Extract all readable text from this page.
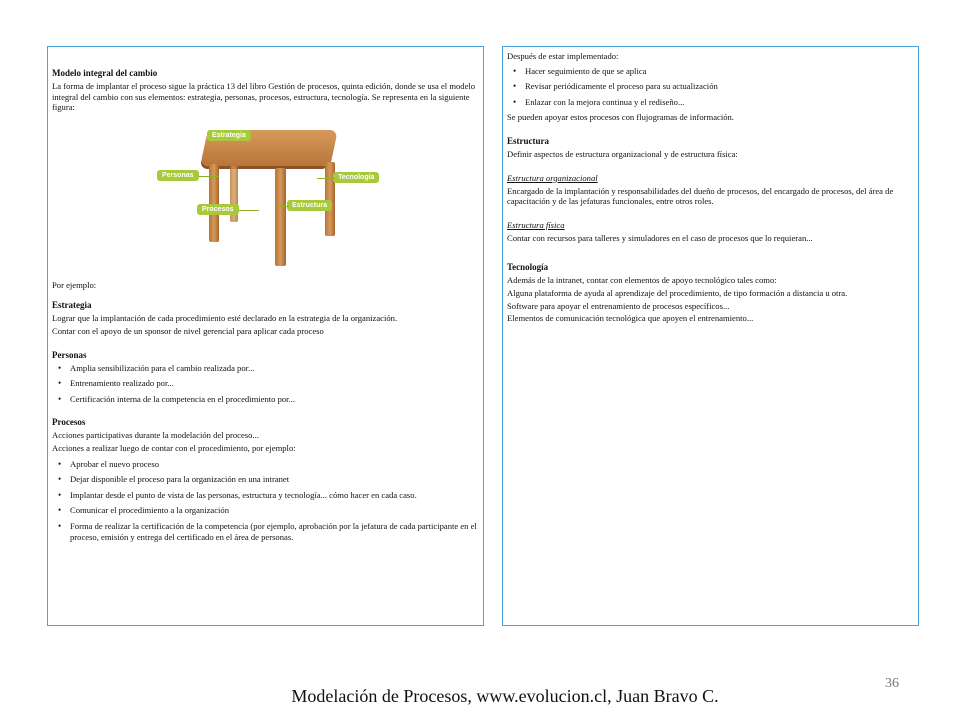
Modelo integral del cambio
La forma de implantar el proceso sigue la práctica 13 del libro Gestión de procesos, quinta edición, donde se usa el modelo integral del cambio con sus elementos: estrategia, personas, procesos, estructura, tecnología. Se representa en la siguiente figura:
Estrategia
Personas	Tecnología
Estructura
Procesos
Por ejemplo:
Estrategia
Lograr que la implantación de cada procedimiento esté declarado en la estrategia de la organización.
Contar con el apoyo de un sponsor de nivel gerencial para aplicar cada proceso
Personas
• Amplia sensibilización para el cambio realizada por...
• Entrenamiento realizado por...
• Certificación interna de la competencia en el procedimiento por...
Procesos
Acciones participativas durante la modelación del proceso...
Acciones a realizar luego de contar con el procedimiento, por ejemplo:
• Aprobar el nuevo proceso
• Dejar disponible el proceso para la organización en una intranet
• Implantar desde el punto de vista de las personas, estructura y tecnología... cómo hacer en cada caso.
• Comunicar el procedimiento a la organización
• Forma de realizar la certificación de la competencia (por ejemplo, aprobación por la jefatura de cada participante en el proceso, emisión y entrega del certificado en el área de personas.
Después de estar implementado:
• Hacer seguimiento de que se aplica
• Revisar periódicamente el proceso para su actualización
• Enlazar con la mejora continua y el rediseño...
Se pueden apoyar estos procesos con flujogramas de información.
Estructura
Definir aspectos de estructura organizacional y de estructura física:
Estructura organizacional
Encargado de la implantación y responsabilidades del dueño de procesos, del encargado de procesos, del área de capacitación y de las jefaturas funcionales, entre otros roles.
Estructura física
Contar con recursos para talleres y simuladores en el caso de procesos que lo requieran...
Tecnología
Además de la intranet, contar con elementos de apoyo tecnológico tales como:
Alguna plataforma de ayuda al aprendizaje del procedimiento, de tipo formación a distancia u otra.
Software para apoyar el entrenamiento de procesos específicos...
Elementos de comunicación tecnológica que apoyen el entrenamiento...
36
Modelación de Procesos, www.evolucion.cl, Juan Bravo C.
